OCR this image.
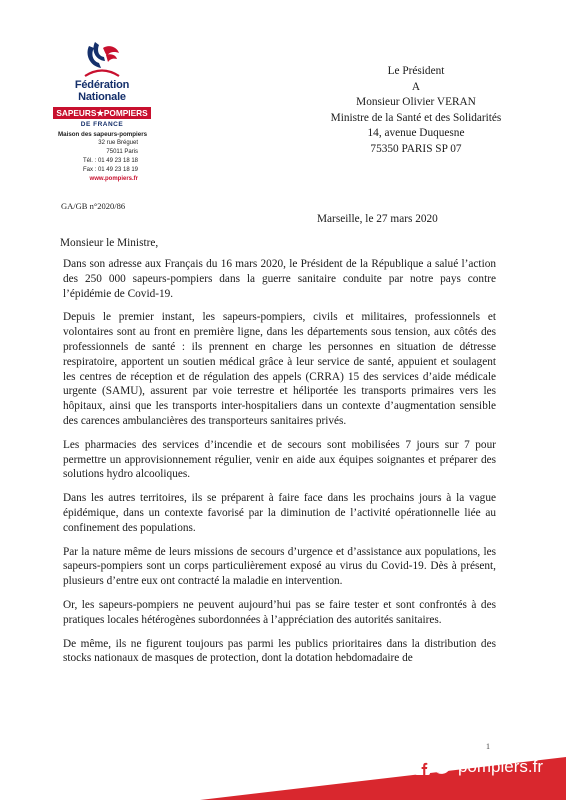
Fédération Nationale
SAPEURS★POMPIERS
DE FRANCE
Maison des sapeurs-pompiers
32 rue Bréguet
75011 Paris
Tél. : 01 49 23 18 18
Fax : 01 49 23 18 19
www.pompiers.fr
GA/GB n°2020/86
Le Président
A
Monsieur Olivier VERAN
Ministre de la Santé et des Solidarités
14, avenue Duquesne
75350 PARIS SP 07
Marseille, le 27 mars 2020
Monsieur le Ministre,

Dans son adresse aux Français du 16 mars 2020, le Président de la République a salué l’action des 250 000 sapeurs-pompiers dans la guerre sanitaire conduite par notre pays contre l’épidémie de Covid-19.

Depuis le premier instant, les sapeurs-pompiers, civils et militaires, professionnels et volontaires sont au front en première ligne, dans les départements sous tension, aux côtés des professionnels de santé : ils prennent en charge les personnes en situation de détresse respiratoire, apportent un soutien médical grâce à leur service de santé, appuient et soulagent les centres de réception et de régulation des appels (CRRA) 15 des services d’aide médicale urgente (SAMU), assurent par voie terrestre et héliportée les transports primaires vers les hôpitaux, ainsi que les transports inter-hospitaliers dans un contexte d’augmentation sensible des carences ambulancières des transporteurs sanitaires privés.

Les pharmacies des services d’incendie et de secours sont mobilisées 7 jours sur 7 pour permettre un approvisionnement régulier, venir en aide aux équipes soignantes et préparer des solutions hydro alcooliques.

Dans les autres territoires, ils se préparent à faire face dans les prochains jours à la vague épidémique, dans un contexte favorisé par la diminution de l’activité opérationnelle liée au confinement des populations.

Par la nature même de leurs missions de secours d’urgence et d’assistance aux populations, les sapeurs-pompiers sont un corps particulièrement exposé au virus du Covid-19. Dès à présent, plusieurs d’entre eux ont contracté la maladie en intervention.

Or, les sapeurs-pompiers ne peuvent aujourd’hui pas se faire tester et sont confrontés à des pratiques locales hétérogènes subordonnées à l’appréciation des autorités sanitaires.

De même, ils ne figurent toujours pas parmi les publics prioritaires dans la distribution des stocks nationaux de masques de protection, dont la dotation hebdomadaire de

1
pompiers.fr
